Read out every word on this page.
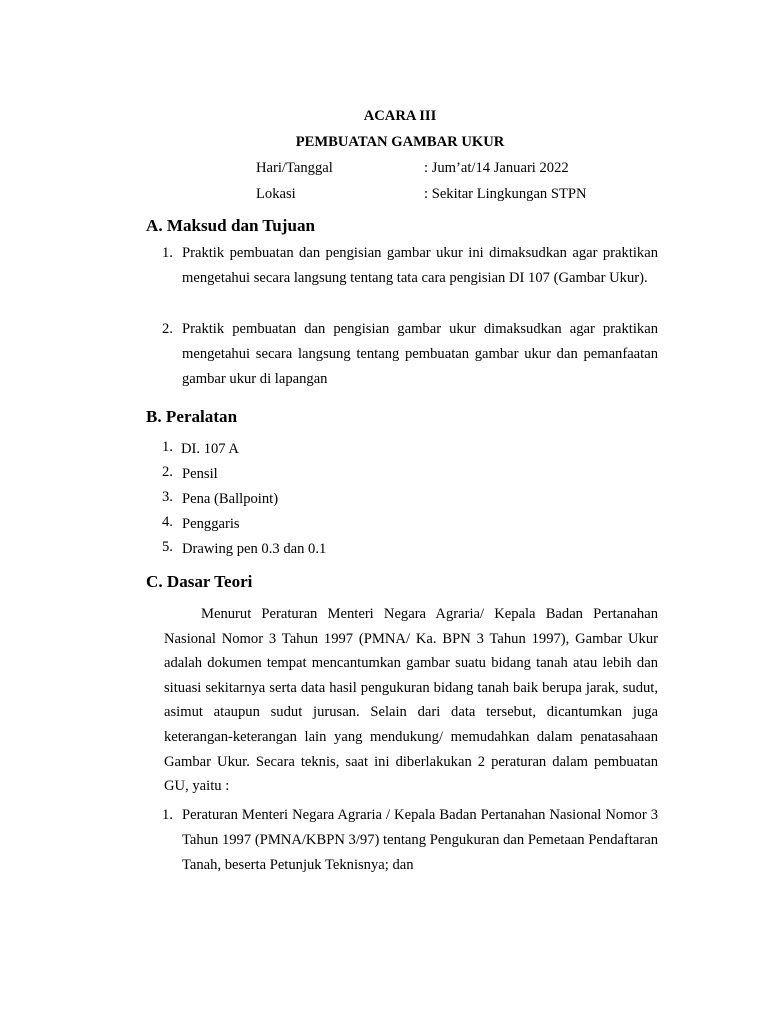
ACARA III
PEMBUATAN GAMBAR UKUR
Hari/Tanggal	: Jum’at/14 Januari 2022
Lokasi	: Sekitar Lingkungan STPN
A. Maksud dan Tujuan
1. Praktik pembuatan dan pengisian gambar ukur ini dimaksudkan agar praktikan mengetahui secara langsung tentang tata cara pengisian DI 107 (Gambar Ukur).

2. Praktik pembuatan dan pengisian gambar ukur dimaksudkan agar praktikan mengetahui secara langsung tentang pembuatan gambar ukur dan pemanfaatan gambar ukur di lapangan

B. Peralatan
1. DI. 107 A
2. Pensil
3. Pena (Ballpoint)
4. Penggaris
5. Drawing pen 0.3 dan 0.1
C. Dasar Teori

Menurut Peraturan Menteri Negara Agraria/ Kepala Badan Pertanahan Nasional Nomor 3 Tahun 1997 (PMNA/ Ka. BPN 3 Tahun 1997), Gambar Ukur adalah dokumen tempat mencantumkan gambar suatu bidang tanah atau lebih dan situasi sekitarnya serta data hasil pengukuran bidang tanah baik berupa jarak, sudut, asimut ataupun sudut jurusan. Selain dari data tersebut, dicantumkan juga keterangan-keterangan lain yang mendukung/ memudahkan dalam penatasahaan Gambar Ukur. Secara teknis, saat ini diberlakukan 2 peraturan dalam pembuatan GU, yaitu :

1. Peraturan Menteri Negara Agraria / Kepala Badan Pertanahan Nasional Nomor 3 Tahun 1997 (PMNA/KBPN 3/97) tentang Pengukuran dan Pemetaan Pendaftaran Tanah, beserta Petunjuk Teknisnya; dan
